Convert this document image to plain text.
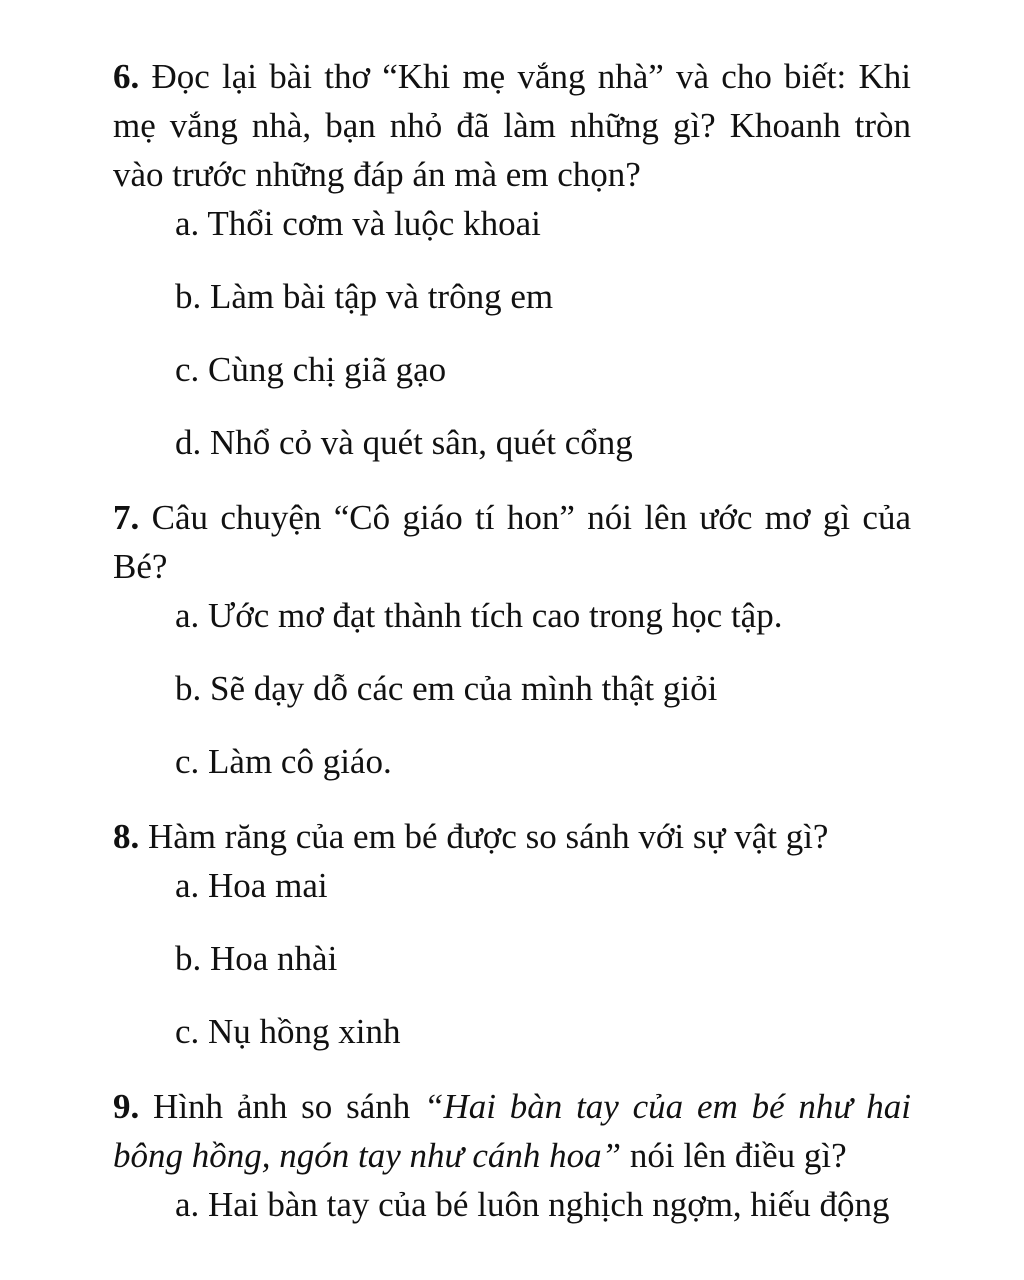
6. Đọc lại bài thơ “Khi mẹ vắng nhà” và cho biết: Khi mẹ vắng nhà, bạn nhỏ đã làm những gì? Khoanh tròn vào trước những đáp án mà em chọn?

a. Thổi cơm và luộc khoai
b. Làm bài tập và trông em
c. Cùng chị giã gạo
d. Nhổ cỏ và quét sân, quét cổng

7. Câu chuyện “Cô giáo tí hon” nói lên ước mơ gì của Bé?

a. Ước mơ đạt thành tích cao trong học tập.
b. Sẽ dạy dỗ các em của mình thật giỏi
c. Làm cô giáo.

8. Hàm răng của em bé được so sánh với sự vật gì?

a. Hoa mai
b. Hoa nhài
c. Nụ hồng xinh

9. Hình ảnh so sánh “Hai bàn tay của em bé như hai bông hồng, ngón tay như cánh hoa” nói lên điều gì?

a. Hai bàn tay của bé luôn nghịch ngợm, hiếu động
